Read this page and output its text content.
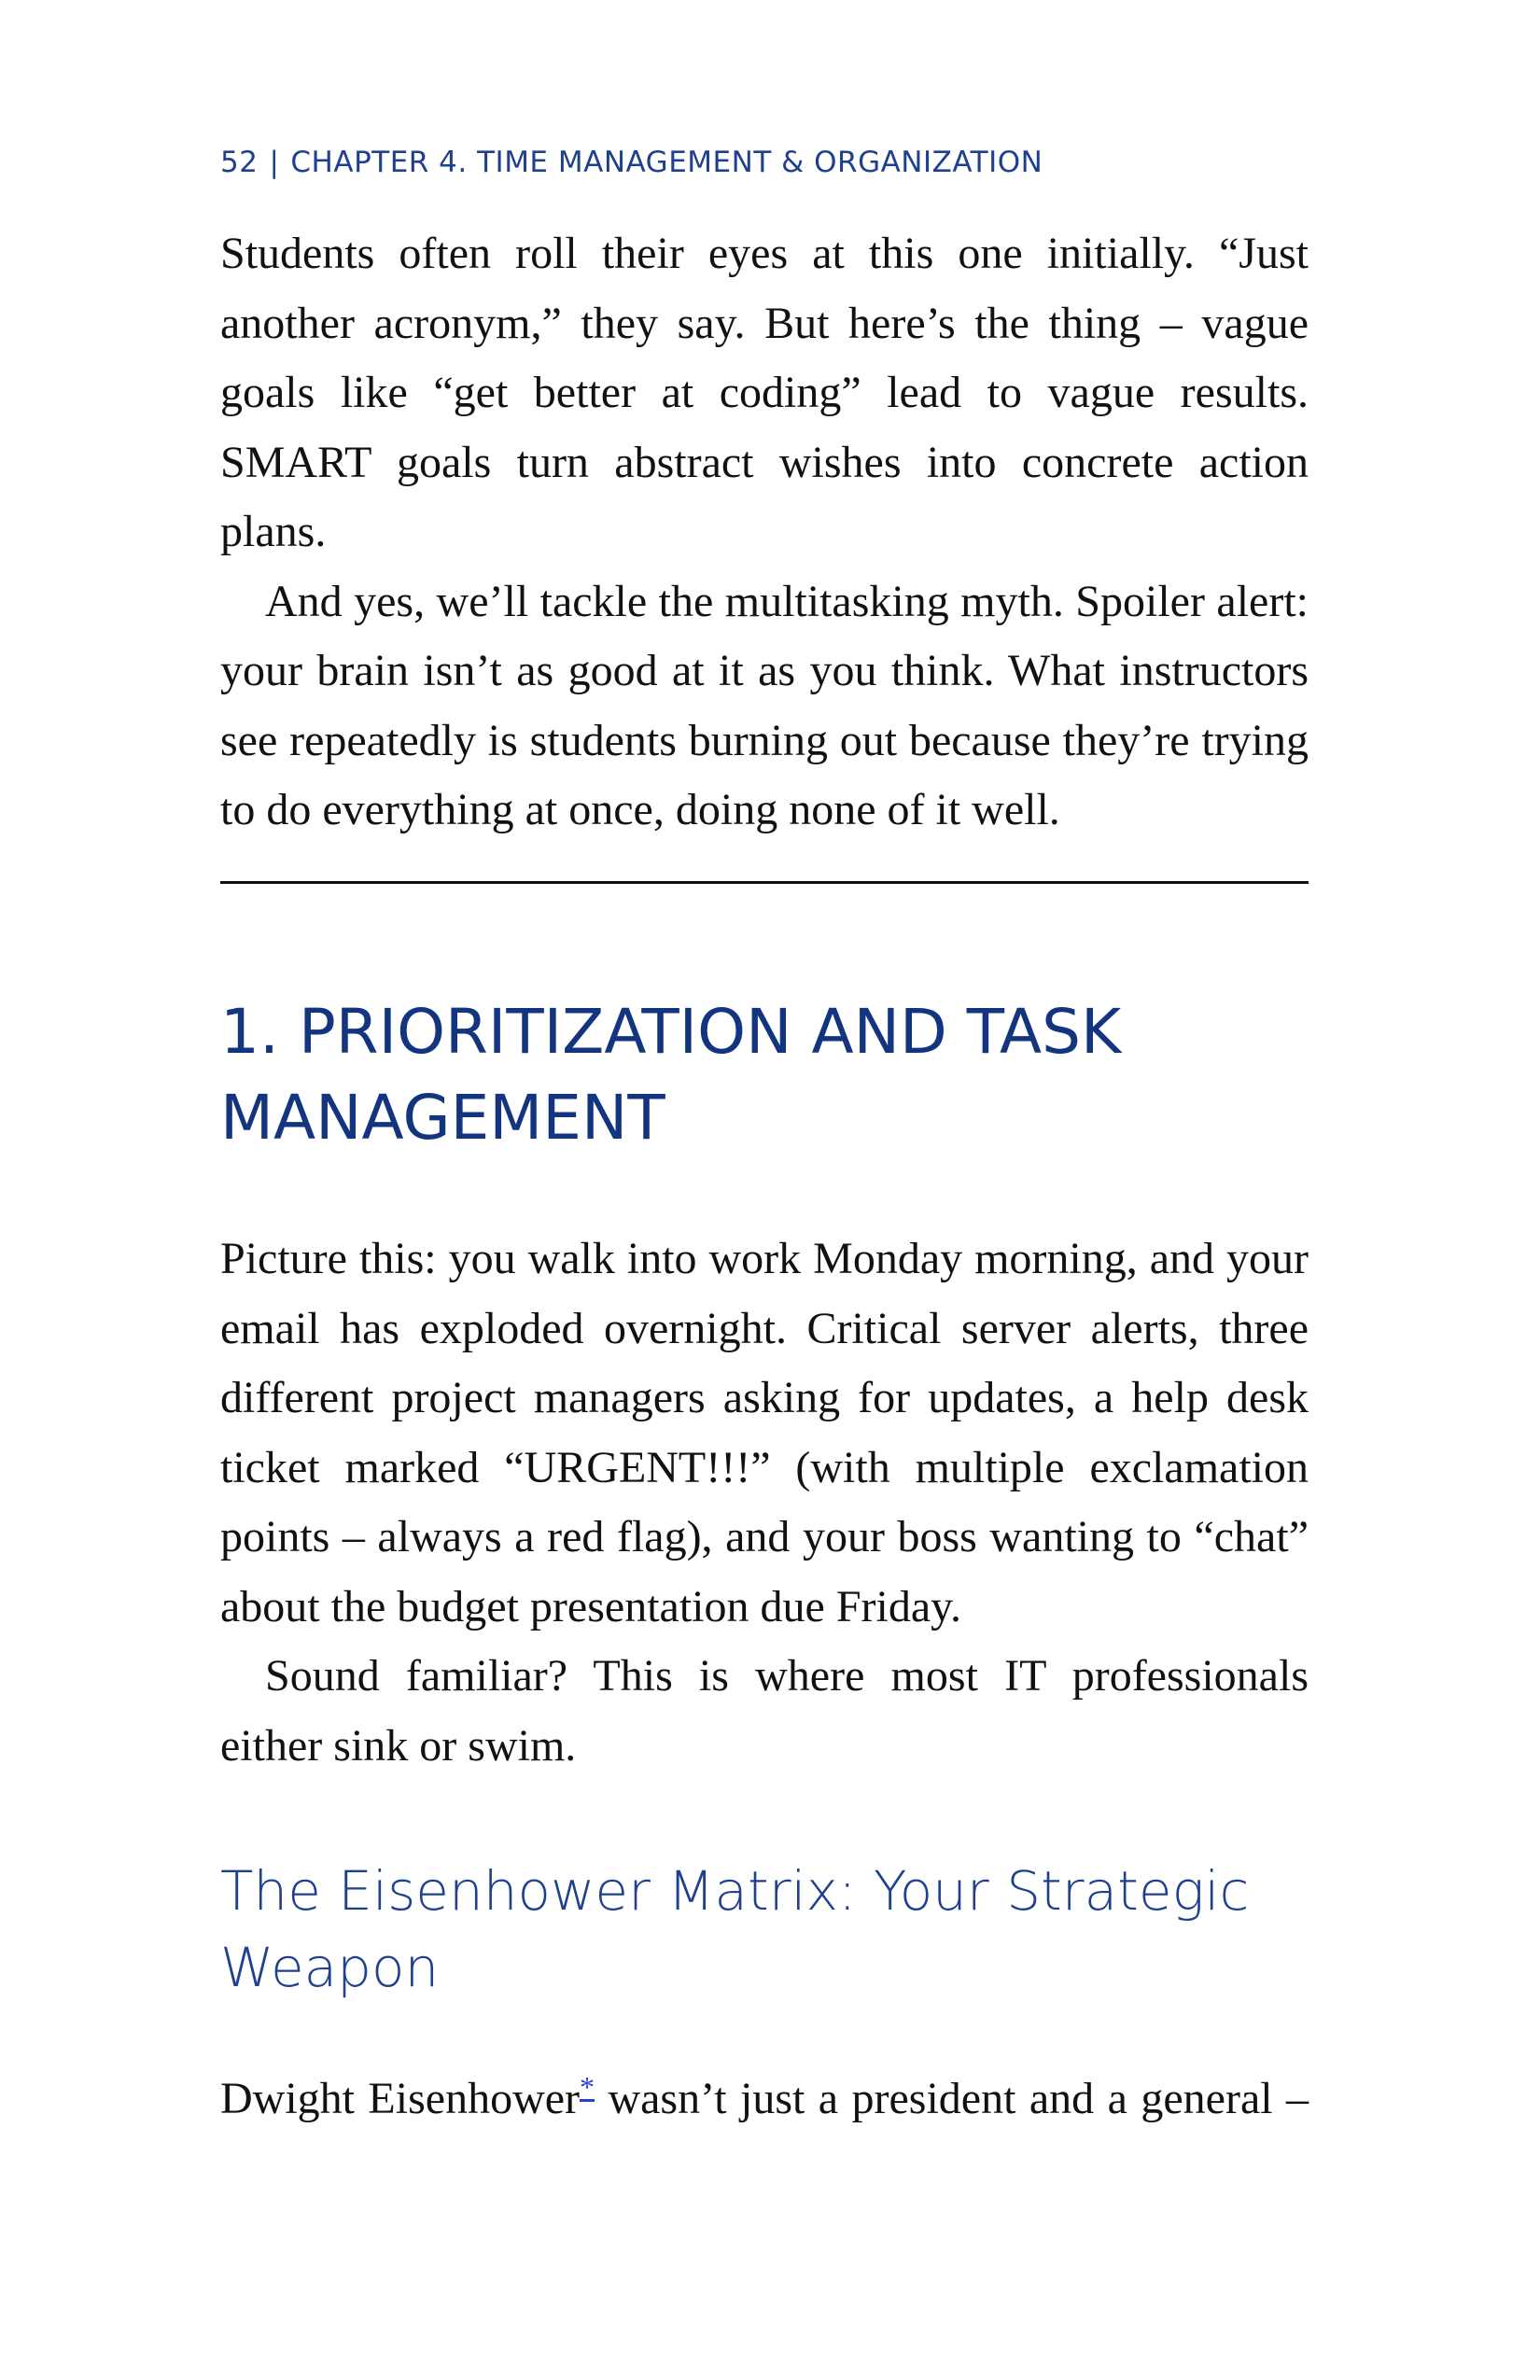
52 | CHAPTER 4. TIME MANAGEMENT & ORGANIZATION

Students often roll their eyes at this one initially. “Just another acronym,” they say. But here’s the thing – vague goals like “get better at coding” lead to vague results. SMART goals turn abstract wishes into concrete action plans.

And yes, we’ll tackle the multitasking myth. Spoiler alert: your brain isn’t as good at it as you think. What instructors see repeatedly is students burning out because they’re trying to do everything at once, doing none of it well.

1. PRIORITIZATION AND TASK MANAGEMENT

Picture this: you walk into work Monday morning, and your email has exploded overnight. Critical server alerts, three different project managers asking for updates, a help desk ticket marked “URGENT!!!” (with multiple exclamation points – always a red flag), and your boss wanting to “chat” about the budget presentation due Friday.

Sound familiar? This is where most IT professionals either sink or swim.

The Eisenhower Matrix: Your Strategic Weapon

Dwight Eisenhower* wasn’t just a president and a general –
